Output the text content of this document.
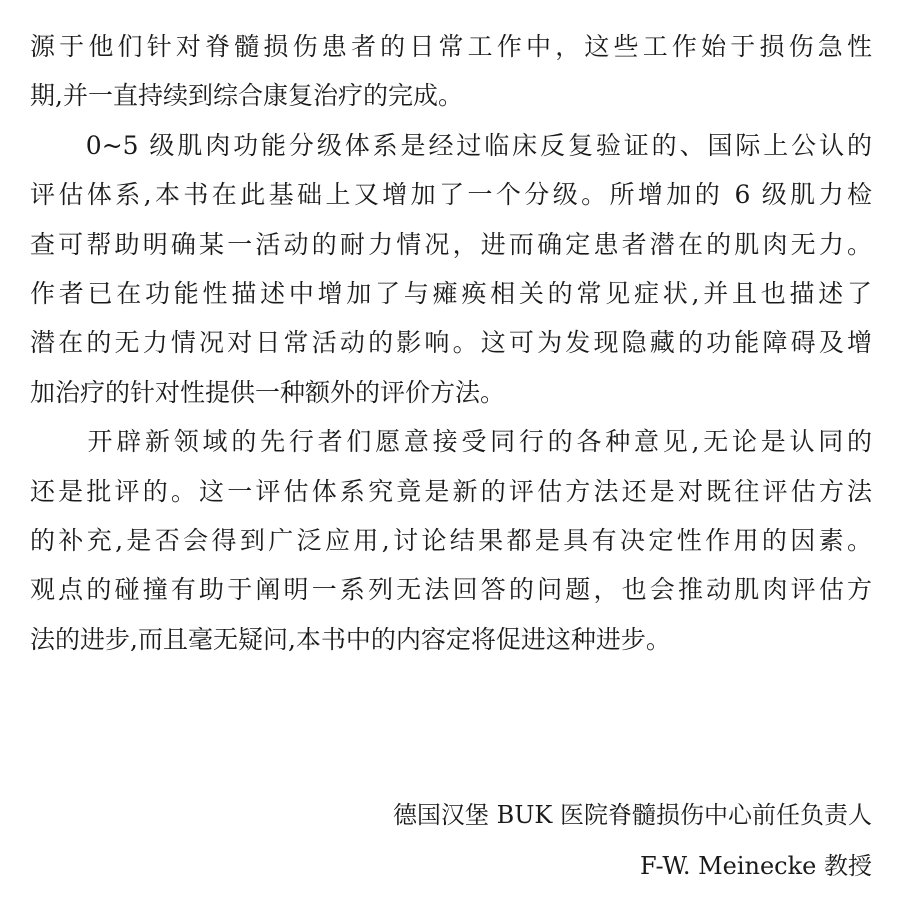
源于他们针对脊髓损伤患者的日常工作中，这些工作始于损伤急性
期,并一直持续到综合康复治疗的完成。
　　0~5 级肌肉功能分级体系是经过临床反复验证的、国际上公认的
评估体系,本书在此基础上又增加了一个分级。所增加的 6 级肌力检
查可帮助明确某一活动的耐力情况，进而确定患者潜在的肌肉无力。
作者已在功能性描述中增加了与瘫痪相关的常见症状,并且也描述了
潜在的无力情况对日常活动的影响。这可为发现隐藏的功能障碍及增
加治疗的针对性提供一种额外的评价方法。
　　开辟新领域的先行者们愿意接受同行的各种意见,无论是认同的
还是批评的。这一评估体系究竟是新的评估方法还是对既往评估方法
的补充,是否会得到广泛应用,讨论结果都是具有决定性作用的因素。
观点的碰撞有助于阐明一系列无法回答的问题，也会推动肌肉评估方
法的进步,而且毫无疑问,本书中的内容定将促进这种进步。
德国汉堡 BUK 医院脊髓损伤中心前任负责人
F-W. Meinecke 教授
